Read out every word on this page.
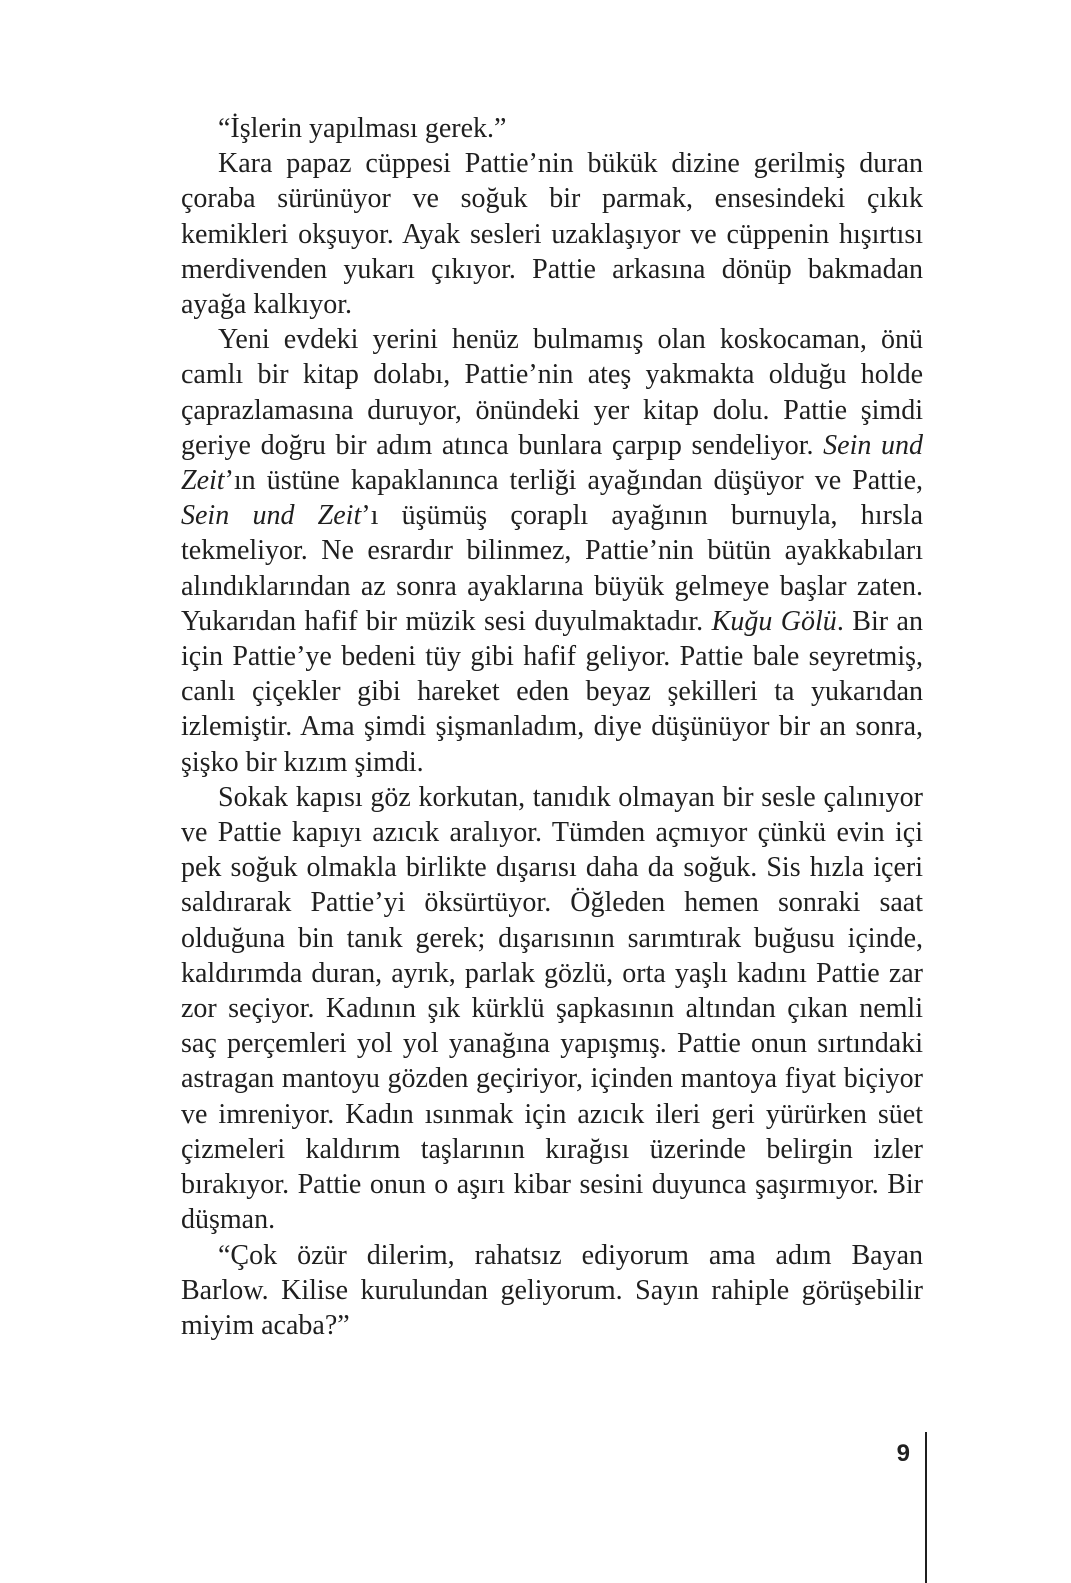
“İşlerin yapılması gerek.”

Kara papaz cüppesi Pattie’nin bükük dizine gerilmiş duran çoraba sürünüyor ve soğuk bir parmak, ensesindeki çıkık kemikleri okşuyor. Ayak sesleri uzaklaşıyor ve cüppenin hışırtısı merdivenden yukarı çıkıyor. Pattie arkasına dönüp bakmadan ayağa kalkıyor.

Yeni evdeki yerini henüz bulmamış olan koskocaman, önü camlı bir kitap dolabı, Pattie’nin ateş yakmakta olduğu holde çaprazlamasına duruyor, önündeki yer kitap dolu. Pattie şimdi geriye doğru bir adım atınca bunlara çarpıp sendeliyor. Sein und Zeit’ın üstüne kapaklanınca terliği ayağından düşüyor ve Pattie, Sein und Zeit’ı üşümüş çoraplı ayağının burnuyla, hırsla tekmeliyor. Ne esrardır bilinmez, Pattie’nin bütün ayakkabıları alındıklarından az sonra ayaklarına büyük gelmeye başlar zaten. Yukarıdan hafif bir müzik sesi duyulmaktadır. Kuğu Gölü. Bir an için Pattie’ye bedeni tüy gibi hafif geliyor. Pattie bale seyretmiş, canlı çiçekler gibi hareket eden beyaz şekilleri ta yukarıdan izlemiştir. Ama şimdi şişmanladım, diye düşünüyor bir an sonra, şişko bir kızım şimdi.

Sokak kapısı göz korkutan, tanıdık olmayan bir sesle çalınıyor ve Pattie kapıyı azıcık aralıyor. Tümden açmıyor çünkü evin içi pek soğuk olmakla birlikte dışarısı daha da soğuk. Sis hızla içeri saldırarak Pattie’yi öksürtüyor. Öğleden hemen sonraki saat olduğuna bin tanık gerek; dışarısının sarımtırak buğusu içinde, kaldırımda duran, ayrık, parlak gözlü, orta yaşlı kadını Pattie zar zor seçiyor. Kadının şık kürklü şapkasının altından çıkan nemli saç perçemleri yol yol yanağına yapışmış. Pattie onun sırtındaki astragan mantoyu gözden geçiriyor, içinden mantoya fiyat biçiyor ve imreniyor. Kadın ısınmak için azıcık ileri geri yürürken süet çizmeleri kaldırım taşlarının kırağısı üzerinde belirgin izler bırakıyor. Pattie onun o aşırı kibar sesini duyunca şaşırmıyor. Bir düşman.

“Çok özür dilerim, rahatsız ediyorum ama adım Bayan Barlow. Kilise kurulundan geliyorum. Sayın rahiple görüşebilir miyim acaba?”

9
